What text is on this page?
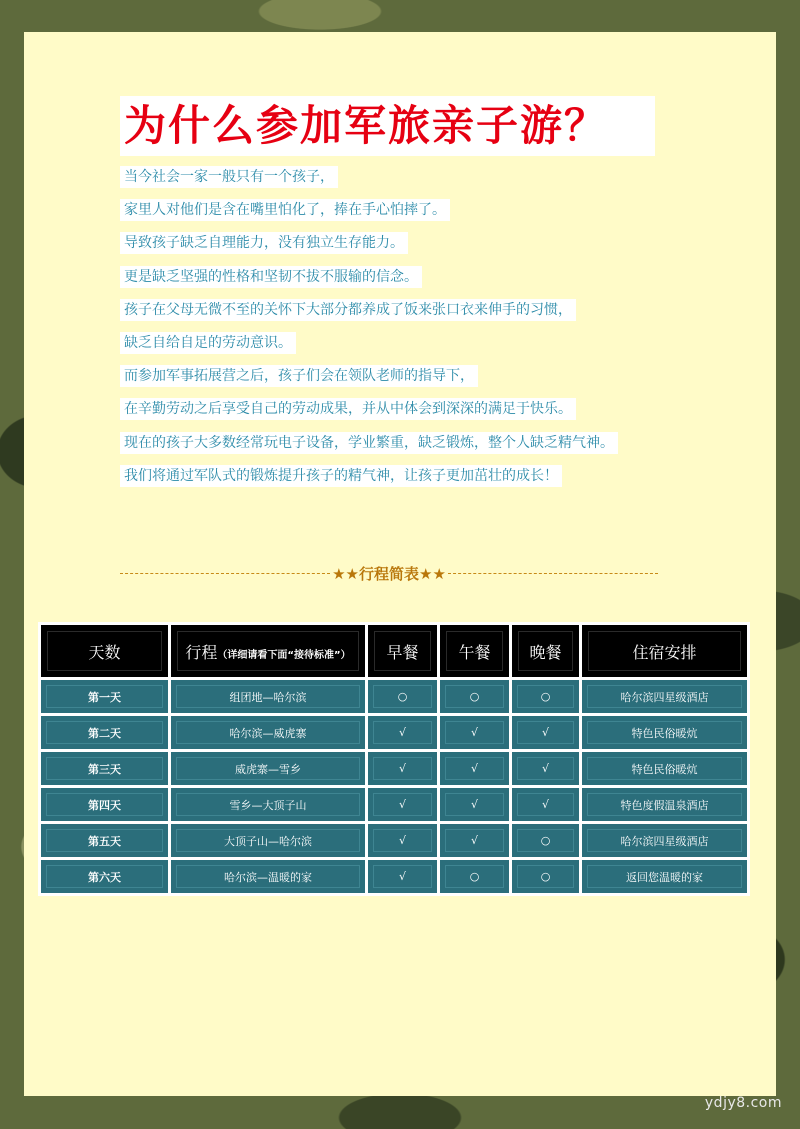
为什么参加军旅亲子游？
当今社会一家一般只有一个孩子，
家里人对他们是含在嘴里怕化了，捧在手心怕摔了。
导致孩子缺乏自理能力，没有独立生存能力。
更是缺乏坚强的性格和坚韧不拔不服输的信念。
孩子在父母无微不至的关怀下大部分都养成了饭来张口衣来伸手的习惯，
缺乏自给自足的劳动意识。
而参加军事拓展营之后，孩子们会在领队老师的指导下，
在辛勤劳动之后享受自己的劳动成果，并从中体会到深深的满足于快乐。
现在的孩子大多数经常玩电子设备，学业繁重，缺乏锻炼，整个人缺乏精气神。
我们将通过军队式的锻炼提升孩子的精气神，让孩子更加茁壮的成长！
★★行程简表★★
天数	行程（详细请看下面“接待标准”）	早餐	午餐	晚餐	住宿安排
第一天	组团地—哈尔滨	○	○	○	哈尔滨四星级酒店
第二天	哈尔滨—威虎寨	√	√	√	特色民俗暖炕
第三天	威虎寨—雪乡	√	√	√	特色民俗暖炕
第四天	雪乡—大顶子山	√	√	√	特色度假温泉酒店
第五天	大顶子山—哈尔滨	√	√	○	哈尔滨四星级酒店
第六天	哈尔滨—温暖的家	√	○	○	返回您温暖的家
ydjy8.com
